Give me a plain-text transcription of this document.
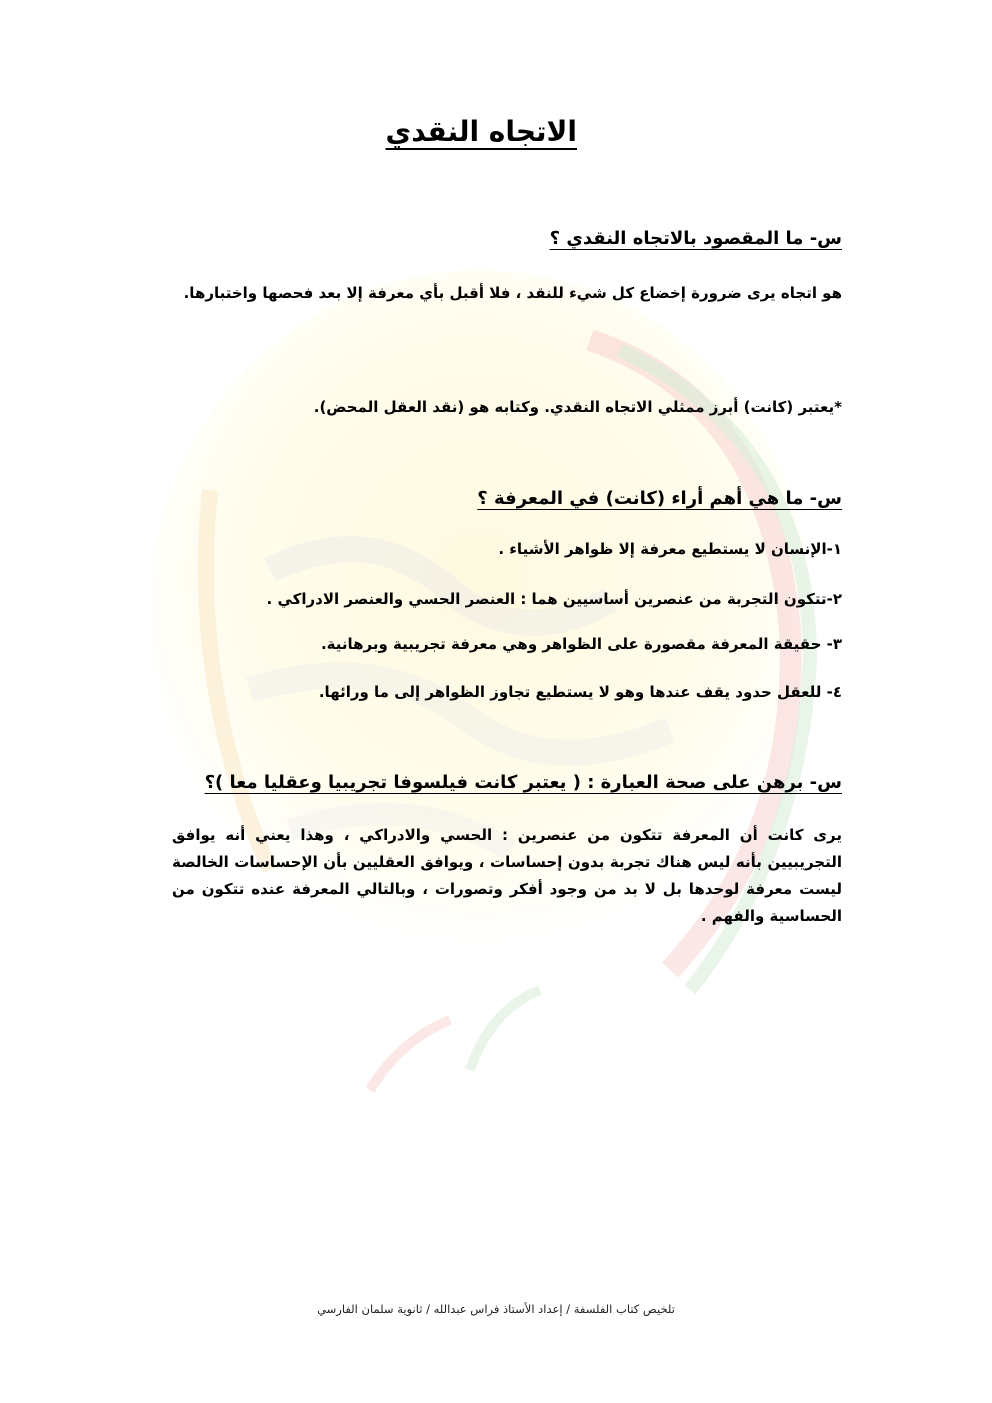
الاتجاه النقدي

س- ما المقصود بالاتجاه النقدي ؟

هو اتجاه يرى ضرورة إخضاع كل شيء للنقد ، فلا أقبل بأي معرفة إلا بعد فحصها واختبارها.

*يعتبر (كانت) أبرز ممثلي الاتجاه النقدي. وكتابه هو (نقد العقل المحض).

س- ما هي أهم أراء (كانت) في المعرفة ؟

١-الإنسان لا يستطيع معرفة إلا ظواهر الأشياء .

٢-تتكون التجربة من عنصرين أساسيين هما : العنصر الحسي والعنصر الادراكي .

٣- حقيقة المعرفة مقصورة على الظواهر وهي معرفة تجريبية وبرهانية.

٤- للعقل حدود يقف عندها وهو لا يستطيع تجاوز الظواهر إلى ما ورائها.

س- برهن على صحة العبارة : ( يعتبر كانت فيلسوفا تجريبيا وعقليا معا )؟

يرى كانت أن المعرفة تتكون من عنصرين : الحسي والادراكي ، وهذا يعني أنه يوافق التجريبيين بأنه ليس هناك تجربة بدون إحساسات ، ويوافق العقليين بأن الإحساسات الخالصة ليست معرفة لوحدها بل لا بد من وجود أفكر وتصورات ، وبالتالي المعرفة عنده تتكون من الحساسية والفهم .

تلخيص كتاب الفلسفة / إعداد الأستاذ فراس عبدالله / ثانوية سلمان الفارسي
